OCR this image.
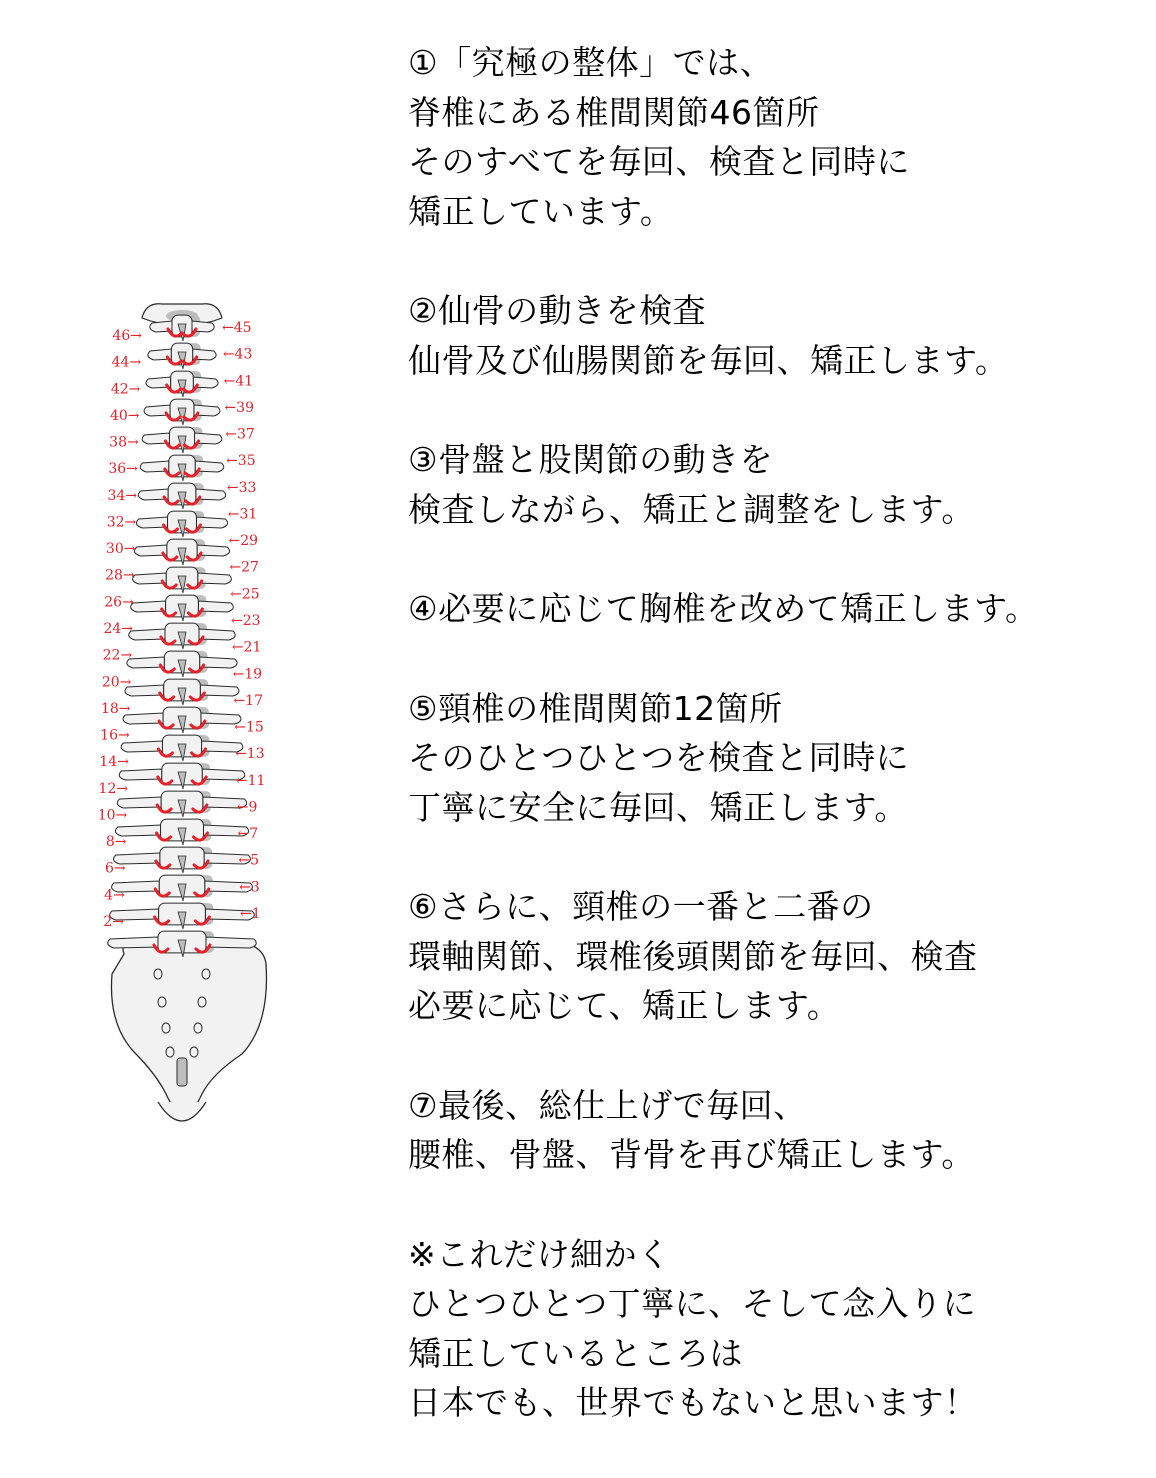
46→	←45
44→	←43
42→	←41
40→	←39
38→	←37
36→	←35
34→	←33
32→	←31
30→	←29
28→	←27
26→	←25
24→	←23
22→	←21
20→	←19
18→	←17
16→	←15
14→	←13
12→	←11
10→	←9
8→	←7
6→	←5
4→	←3
2→	←1
①「究極の整体」では、
脊椎にある椎間関節46箇所
そのすべてを毎回、検査と同時に
矯正しています。
②仙骨の動きを検査
仙骨及び仙腸関節を毎回、矯正します。
③骨盤と股関節の動きを
検査しながら、矯正と調整をします。
④必要に応じて胸椎を改めて矯正します。
⑤頸椎の椎間関節12箇所
そのひとつひとつを検査と同時に
丁寧に安全に毎回、矯正します。
⑥さらに、頸椎の一番と二番の
環軸関節、環椎後頭関節を毎回、検査
必要に応じて、矯正します。
⑦最後、総仕上げで毎回、
腰椎、骨盤、背骨を再び矯正します。
※これだけ細かく
ひとつひとつ丁寧に、そして念入りに
矯正しているところは
日本でも、世界でもないと思います！
